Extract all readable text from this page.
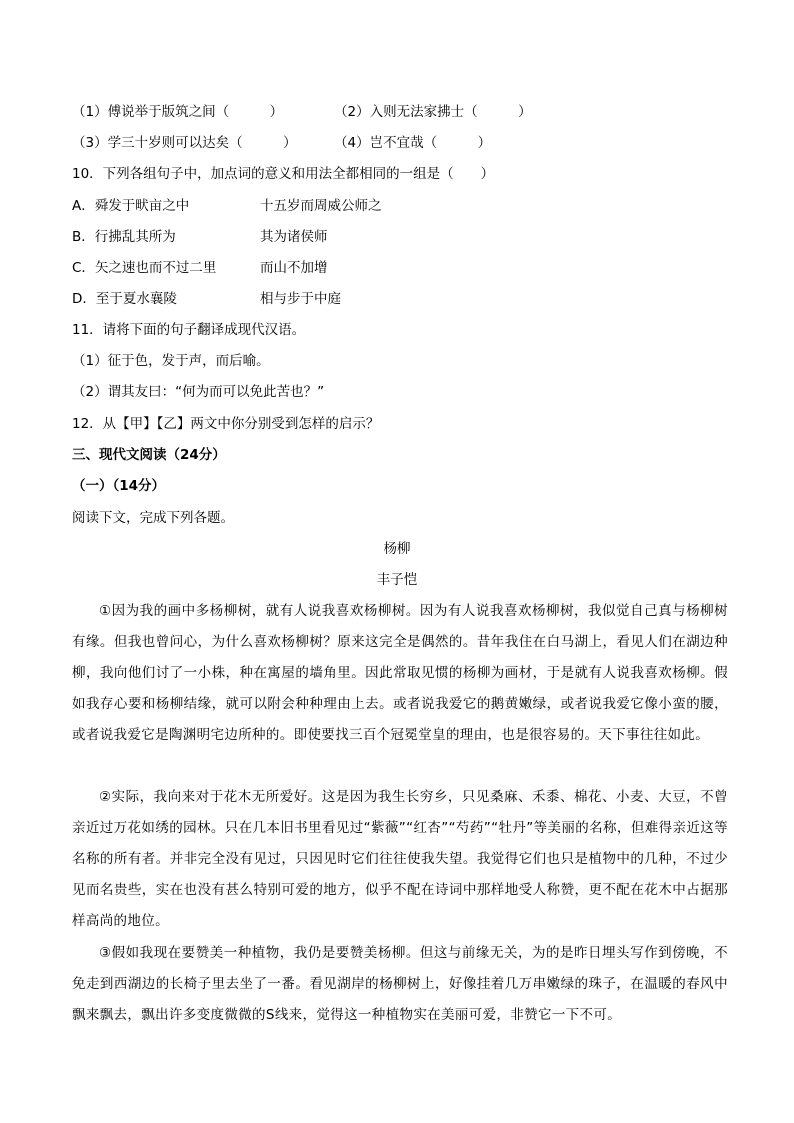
（1）傅说举于版筑之间（　　　）	（2）入则无法家拂士（　　　）
（3）学三十岁则可以达矣（　　　）	（4）岂不宜哉（　　　）
10．下列各组句子中，加点词的意义和用法全都相同的一组是（　　）
A．舜发于畎亩之中	十五岁而周威公师之
B．行拂乱其所为	其为诸侯师
C．矢之速也而不过二里	而山不加增
D．至于夏水襄陵	相与步于中庭
11．请将下面的句子翻译成现代汉语。
（1）征于色，发于声，而后喻。
（2）谓其友曰：“何为而可以免此苦也？”
12．从【甲】【乙】两文中你分别受到怎样的启示？
三、现代文阅读（24分）
（一）（14分）
阅读下文，完成下列各题。
杨柳
丰子恺
①因为我的画中多杨柳树，就有人说我喜欢杨柳树。因为有人说我喜欢杨柳树，我似觉自己真与杨柳树有缘。但我也曾问心，为什么喜欢杨柳树？原来这完全是偶然的。昔年我住在白马湖上，看见人们在湖边种柳，我向他们讨了一小株，种在寓屋的墙角里。因此常取见惯的杨柳为画材，于是就有人说我喜欢杨柳。假如我存心要和杨柳结缘，就可以附会种种理由上去。或者说我爱它的鹅黄嫩绿，或者说我爱它像小蛮的腰，或者说我爱它是陶渊明宅边所种的。即使要找三百个冠冕堂皇的理由，也是很容易的。天下事往往如此。
②实际，我向来对于花木无所爱好。这是因为我生长穷乡，只见桑麻、禾黍、棉花、小麦、大豆，不曾亲近过万花如绣的园林。只在几本旧书里看见过“紫薇”“红杏”“芍药”“牡丹”等美丽的名称，但难得亲近这等名称的所有者。并非完全没有见过，只因见时它们往往使我失望。我觉得它们也只是植物中的几种，不过少见而名贵些，实在也没有甚么特别可爱的地方，似乎不配在诗词中那样地受人称赞，更不配在花木中占据那样高尚的地位。
③假如我现在要赞美一种植物，我仍是要赞美杨柳。但这与前缘无关，为的是昨日埋头写作到傍晚，不免走到西湖边的长椅子里去坐了一番。看见湖岸的杨柳树上，好像挂着几万串嫩绿的珠子，在温暖的春风中飘来飘去，飘出许多变度微微的S线来，觉得这一种植物实在美丽可爱，非赞它一下不可。
